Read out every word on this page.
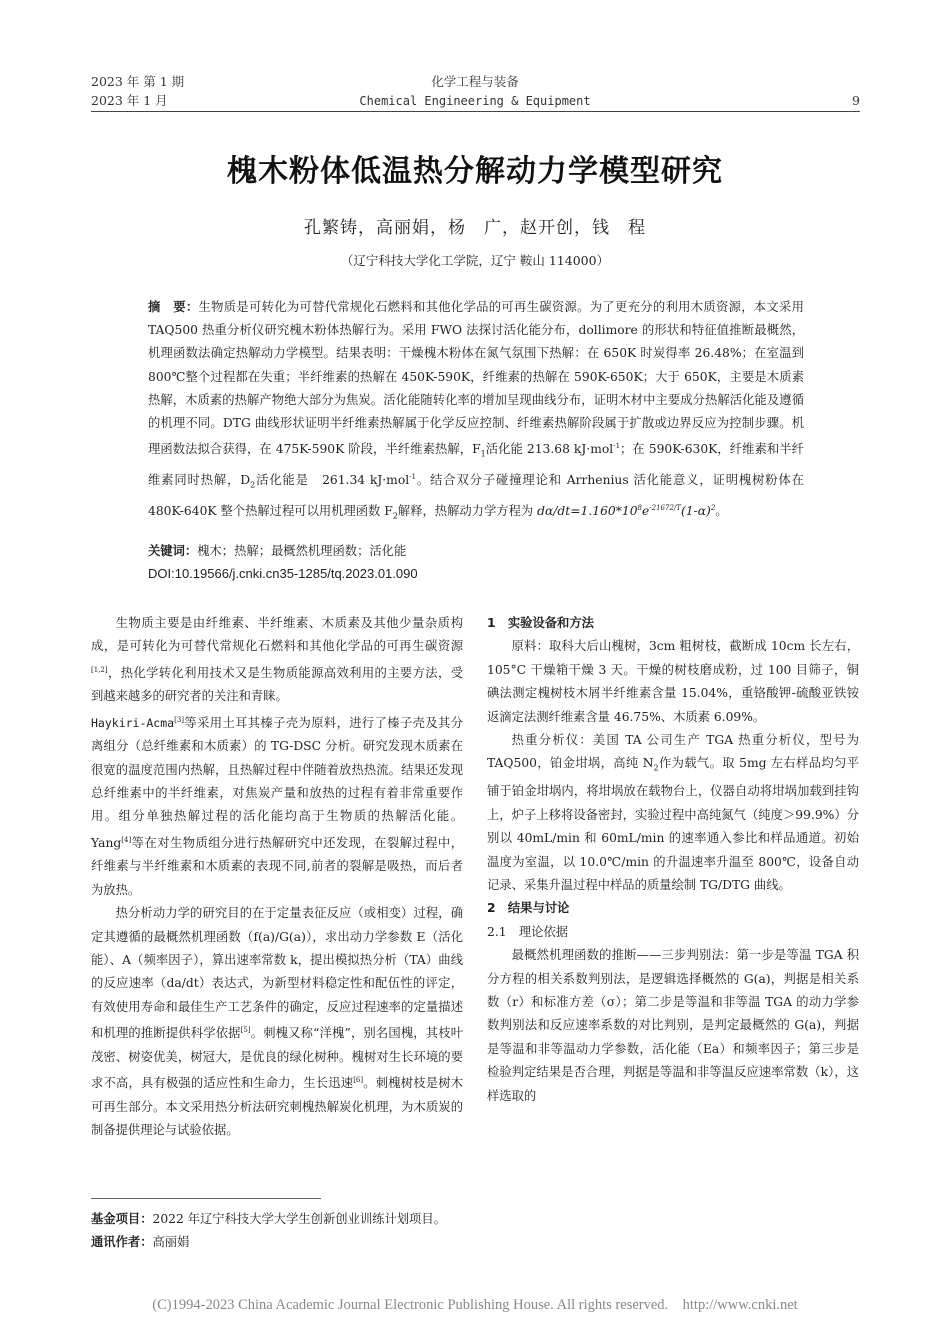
2023 年 第 1 期
2023 年 1 月
化学工程与装备
Chemical Engineering & Equipment	9
槐木粉体低温热分解动力学模型研究
孔繁铸，高丽娟，杨　广，赵开创，钱　程
（辽宁科技大学化工学院，辽宁 鞍山 114000）
摘　要：生物质是可转化为可替代常规化石燃料和其他化学品的可再生碳资源。为了更充分的利用木质资源，本文采用 TAQ500 热重分析仪研究槐木粉体热解行为。采用 FWO 法探讨活化能分布，dollimore 的形状和特征值推断最概然，机理函数法确定热解动力学模型。结果表明：干燥槐木粉体在氮气氛围下热解：在 650K 时炭得率 26.48%；在室温到 800℃整个过程都在失重；半纤维素的热解在 450K-590K，纤维素的热解在 590K-650K；大于 650K，主要是木质素热解，木质素的热解产物绝大部分为焦炭。活化能随转化率的增加呈现曲线分布，证明木材中主要成分热解活化能及遵循的机理不同。DTG 曲线形状证明半纤维素热解属于化学反应控制、纤维素热解阶段属于扩散或边界反应为控制步骤。机理函数法拟合获得，在 475K-590K 阶段，半纤维素热解，$F_1$活化能 213.68 kJ·mol$^{-1}$；在 590K-630K，纤维素和半纤维素同时热解，$D_2$活化能是　261.34 kJ·mol$^{-1}$。结合双分子碰撞理论和 Arrhenius 活化能意义，证明槐树粉体在 480K-640K 整个热解过程可以用机理函数 $F_2$解释，热解动力学方程为 $d\alpha/dt=1.160*10^8e^{-21672/T}(1-\alpha)^2$。
关键词：槐木；热解；最概然机理函数；活化能
DOI:10.19566/j.cnki.cn35-1285/tq.2023.01.090

生物质主要是由纤维素、半纤维素、木质素及其他少量杂质构成，是可转化为可替代常规化石燃料和其他化学品的可再生碳资源[1,2]，热化学转化利用技术又是生物质能源高效利用的主要方法，受到越来越多的研究者的关注和青睐。

Haykiri-Acma[3]等采用土耳其榛子壳为原料，进行了榛子壳及其分离组分（总纤维素和木质素）的 TG-DSC 分析。研究发现木质素在很宽的温度范围内热解，且热解过程中伴随着放热热流。结果还发现总纤维素中的半纤维素，对焦炭产量和放热的过程有着非常重要作用。组分单独热解过程的活化能均高于生物质的热解活化能。Yang[4]等在对生物质组分进行热解研究中还发现，在裂解过程中，纤维素与半纤维素和木质素的表现不同,前者的裂解是吸热，而后者为放热。

热分析动力学的研究目的在于定量表征反应（或相变）过程，确定其遵循的最概然机理函数（f(a)/G(a)），求出动力学参数 E（活化能）、A（频率因子），算出速率常数 k，提出模拟热分析（TA）曲线的反应速率（da/dt）表达式，为新型材料稳定性和配伍性的评定，有效使用寿命和最佳生产工艺条件的确定，反应过程速率的定量描述和机理的推断提供科学依据[5]。刺槐又称“洋槐”，别名国槐，其枝叶茂密、树姿优美，树冠大，是优良的绿化树种。槐树对生长环境的要求不高，具有极强的适应性和生命力，生长迅速[6]。刺槐树枝是树木可再生部分。本文采用热分析法研究刺槐热解炭化机理，为木质炭的制备提供理论与试验依据。

1　实验设备和方法

原料：取科大后山槐树，3cm 粗树枝，截断成 10cm 长左右，105°C 干燥箱干燥 3 天。干燥的树枝磨成粉，过 100 目筛子，铜碘法测定槐树枝木屑半纤维素含量 15.04%，重铬酸钾-硫酸亚铁铵返滴定法测纤维素含量 46.75%、木质素 6.09%。

热重分析仪：美国 TA 公司生产 TGA 热重分析仪，型号为 TAQ500，铂金坩埚，高纯 $N_2$作为载气。取 5mg 左右样品均匀平铺于铂金坩埚内，将坩埚放在载物台上，仪器自动将坩埚加载到挂钩上，炉子上移将设备密封，实验过程中高纯氮气（纯度＞99.9%）分别以 40mL/min 和 60mL/min 的速率通入参比和样品通道。初始温度为室温，以 10.0℃/min 的升温速率升温至 800℃，设备自动记录、采集升温过程中样品的质量绘制 TG/DTG 曲线。

2　结果与讨论

2.1　理论依据

最概然机理函数的推断——三步判别法：第一步是等温 TGA 积分方程的相关系数判别法，是逻辑选择概然的 G(a)，判据是相关系数（r）和标准方差（σ）；第二步是等温和非等温 TGA 的动力学参数判别法和反应速率系数的对比判别，是判定最概然的 G(a)，判据是等温和非等温动力学参数，活化能（Ea）和频率因子；第三步是检验判定结果是否合理，判据是等温和非等温反应速率常数（k），这样选取的

基金项目：2022 年辽宁科技大学大学生创新创业训练计划项目。
通讯作者：高丽娟
(C)1994-2023 China Academic Journal Electronic Publishing House. All rights reserved.    http://www.cnki.net
